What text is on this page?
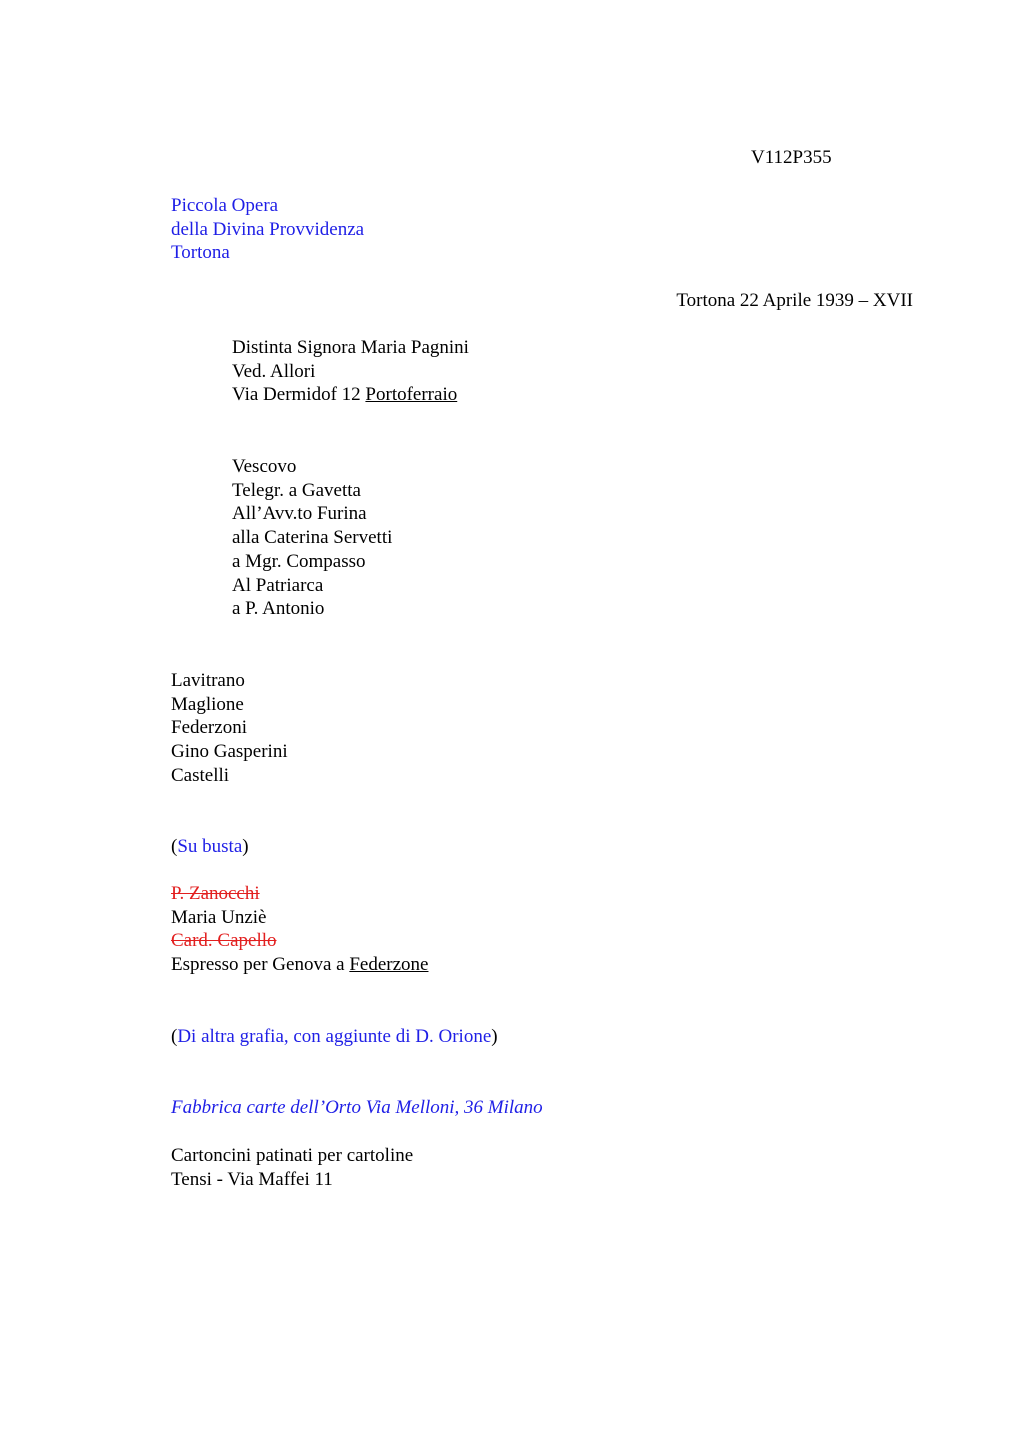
V112P355
Piccola Opera
della Divina Provvidenza
Tortona
Tortona 22 Aprile 1939 – XVII
Distinta Signora Maria Pagnini
Ved. Allori
Via Dermidof 12 Portoferraio
Vescovo
Telegr. a Gavetta
All’Avv.to Furina
alla Caterina Servetti
a Mgr. Compasso
Al Patriarca
a P. Antonio
Lavitrano
Maglione
Federzoni
Gino Gasperini
Castelli
(Su busta)
P. Zanocchi
Maria Unziè
Card. Capello
Espresso per Genova a Federzone
(Di altra grafia, con aggiunte di D. Orione)
Fabbrica carte dell’Orto Via Melloni, 36 Milano
Cartoncini patinati per cartoline
Tensi - Via Maffei 11
